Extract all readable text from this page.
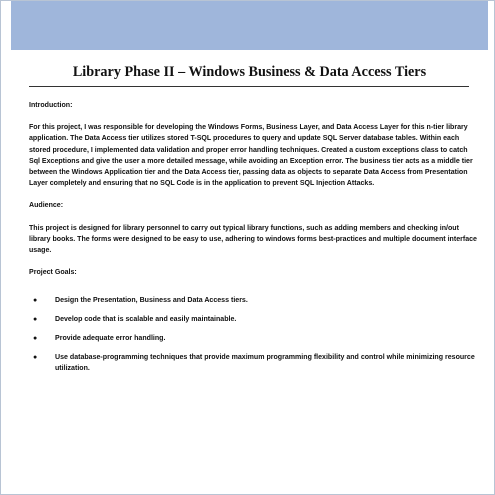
Library Phase II – Windows Business & Data Access Tiers

Introduction:

For this project, I was responsible for developing the Windows Forms, Business Layer, and Data Access Layer for this n-tier library application. The Data Access tier utilizes stored T-SQL procedures to query and update SQL Server database tables. Within each stored procedure, I implemented data validation and proper error handling techniques. Created a custom exceptions class to catch Sql Exceptions and give the user a more detailed message, while avoiding an Exception error. The business tier acts as a middle tier between the Windows Application tier and the Data Access tier, passing data as objects to separate Data Access from Presentation Layer completely and ensuring that no SQL Code is in the application to prevent SQL Injection Attacks.

Audience:

This project is designed for library personnel to carry out typical library functions, such as adding members and checking in/out library books. The forms were designed to be easy to use, adhering to windows forms best-practices and multiple document interface usage.

Project Goals:

●	Design the Presentation, Business and Data Access tiers.
●	Develop code that is scalable and easily maintainable.
●	Provide adequate error handling.
●	Use database-programming techniques that provide maximum programming flexibility and control while minimizing resource utilization.
